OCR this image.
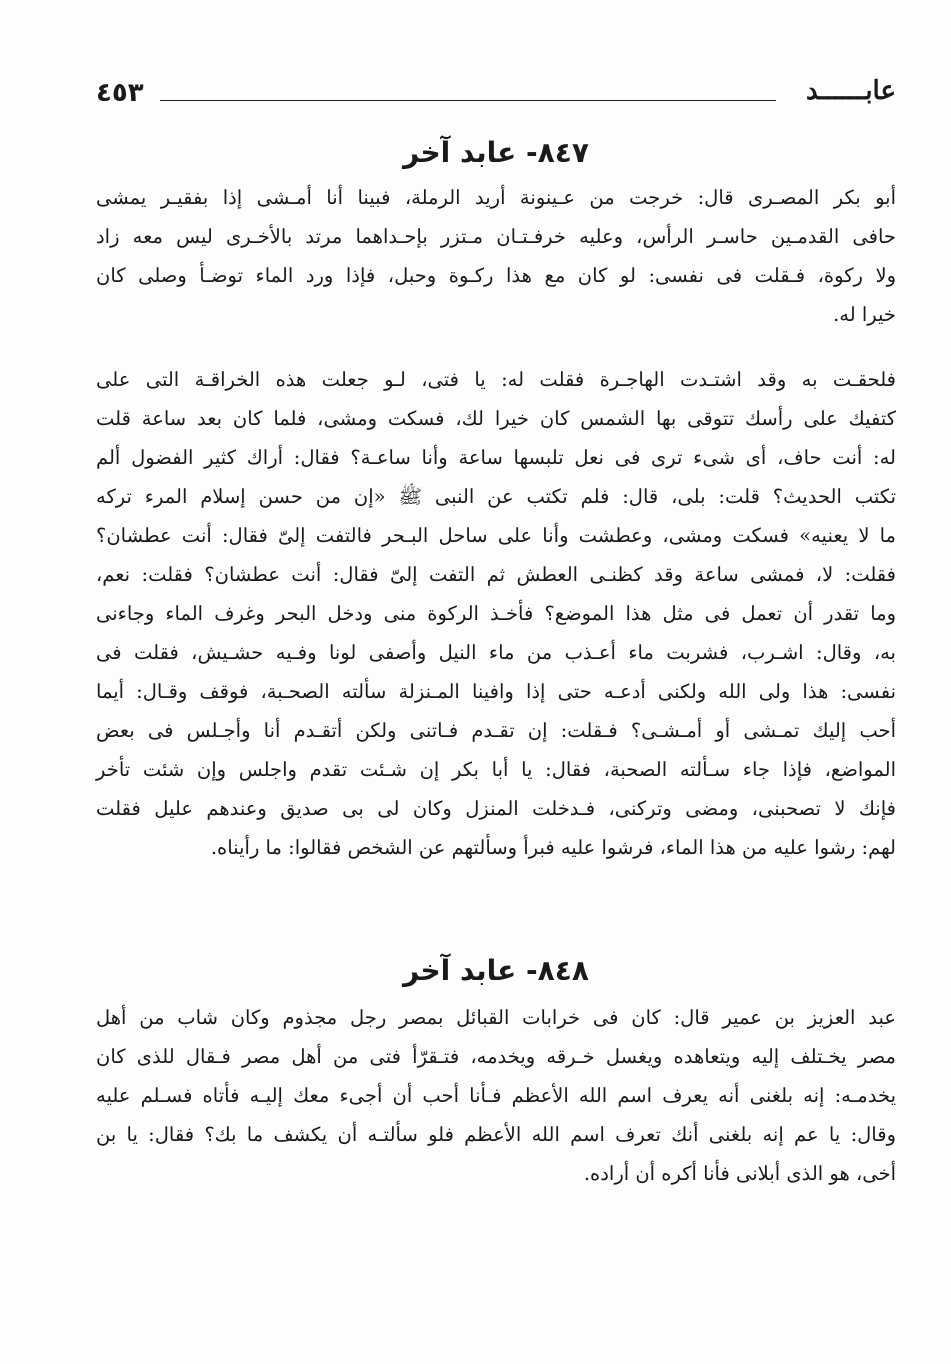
٤٥٣	عابــــــد
٨٤٧- عابد آخر
أبو بكر المصـرى قال: خرجت من عـينونة أريد الرملة، فبينا أنا أمـشى إذا بفقيـر يمشى
حافى القدمـين حاسـر الرأس، وعليه خرفـتـان مـتزر بإحـداهما مرتد بالأخـرى ليس معه زاد
ولا ركوة، فـقلت فى نفسى: لو كان مع هذا ركـوة وحبل، فإذا ورد الماء توضـأ وصلى كان
خيرا له.
فلحقـت به وقد اشتـدت الهاجـرة فقلت له: يا فتى، لـو جعلت هذه الخراقـة التى على
كتفيك على رأسك تتوقى بها الشمس كان خيرا لك، فسكت ومشى، فلما كان بعد ساعة قلت
له: أنت حاف، أى شىء ترى فى نعل تلبسها ساعة وأنا ساعـة؟ فقال: أراك كثير الفضول ألم
تكتب الحديث؟ قلت: بلى، قال: فلم تكتب عن النبى ﷺ «إن من حسن إسلام المرء تركه
ما لا يعنيه» فسكت ومشى، وعطشت وأنا على ساحل البـحر فالتفت إلىّ فقال: أنت عطشان؟
فقلت: لا، فمشى ساعة وقد كظنـى العطش ثم التفت إلىّ فقال: أنت عطشان؟ فقلت: نعم،
وما تقدر أن تعمل فى مثل هذا الموضع؟ فأخـذ الركوة منى ودخل البحر وغرف الماء وجاءنى
به، وقال: اشـرب، فشربت ماء أعـذب من ماء النيل وأصفى لونا وفـيه حشـيش، فقلت فى
نفسى: هذا ولى الله ولكنى أدعـه حتى إذا وافينا المـنزلة سألته الصحـبة، فوقف وقـال: أيما
أحب إليك تمـشى أو أمـشـى؟ فـقلت: إن تقـدم فـاتنى ولكن أتقـدم أنا وأجـلس فى بعض
المواضع، فإذا جاء سـألته الصحبة، فقال: يا أبا بكر إن شـئت تقدم واجلس وإن شئت تأخر
فإنك لا تصحبنى، ومضى وتركنى، فـدخلت المنزل وكان لى بى صديق وعندهم عليل فقلت
لهم: رشوا عليه من هذا الماء، فرشوا عليه فبرأ وسألتهم عن الشخص فقالوا: ما رأيناه.
٨٤٨- عابد آخر
عبد العزيز بن عمير قال: كان فى خرابات القبائل بمصر رجل مجذوم وكان شاب من أهل
مصر يخـتلف إليه ويتعاهده ويغسل خـرقه ويخدمه، فتـقرّأ فتى من أهل مصر فـقال للذى كان
يخدمـه: إنه بلغنى أنه يعرف اسم الله الأعظم فـأنا أحب أن أجىء معك إليـه فأتاه فسـلم عليه
وقال: يا عم إنه بلغنى أنك تعرف اسم الله الأعظم فلو سألتـه أن يكشف ما بك؟ فقال: يا بن
أخى، هو الذى أبلانى فأنا أكره أن أراده.
